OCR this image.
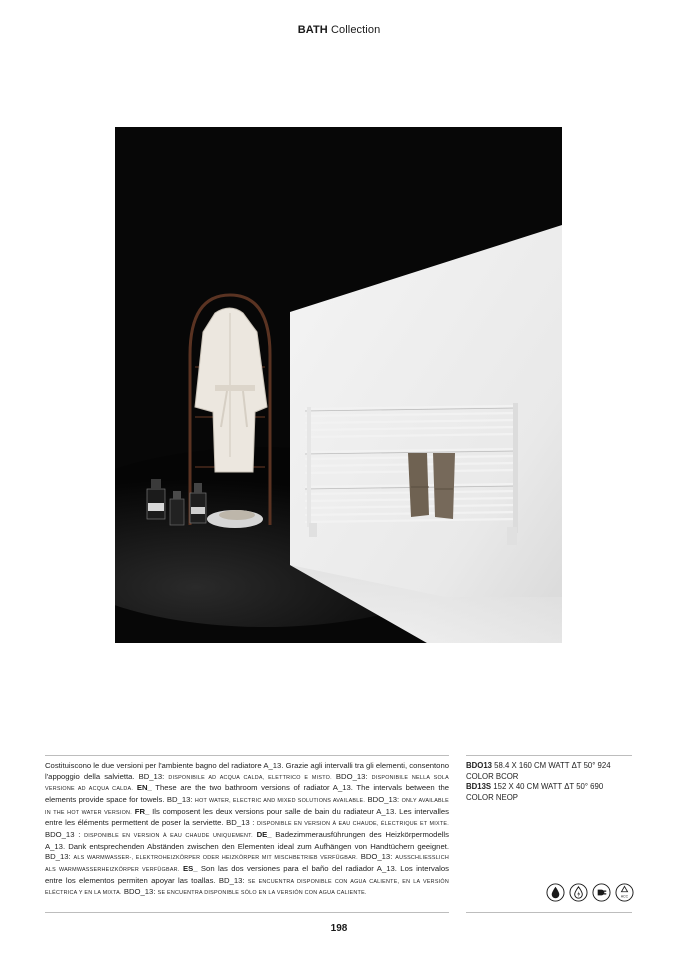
BATH Collection
Costituiscono le due versioni per l'ambiente bagno del radiatore A_13. Grazie agli intervalli tra gli elementi, consentono l'appoggio della salvietta. BD_13: DISPONIBILE AD ACQUA CALDA, ELETTRICO E MISTO. BDO_13: DISPONIBILE NELLA SOLA VERSIONE AD ACQUA CALDA. EN_ These are the two bathroom versions of radiator A_13. The intervals between the elements provide space for towels. BD_13: HOT WATER, ELECTRIC AND MIXED SOLUTIONS AVAILABLE. BDO_13: ONLY AVAILABLE IN THE HOT WATER VERSION. FR_ Ils composent les deux versions pour salle de bain du radiateur A_13. Les intervalles entre les éléments permettent de poser la serviette. BD_13 : DISPONIBLE EN VERSION À EAU CHAUDE, ÉLECTRIQUE ET MIXTE. BDO_13 : DISPONIBLE EN VERSION À EAU CHAUDE UNIQUEMENT. DE_ Badezimmerausführungen des Heizkörpermodells A_13. Dank entsprechenden Abständen zwischen den Elementen ideal zum Aufhängen von Handtüchern geeignet. BD_13: ALS WARMWASSER-, ELEKTROHEIZKÖRPER ODER HEIZKÖRPER MIT MISCHBETRIEB VERFÜGBAR. BDO_13: AUSSCHLIESSLICH ALS WARMWASSERHEIZKÖRPER VERFÜGBAR. ES_ Son las dos versiones para el baño del radiador A_13. Los intervalos entre los elementos permiten apoyar las toallas. BD_13: SE ENCUENTRA DISPONIBLE CON AGUA CALIENTE, EN LA VERSIÓN ELÉCTRICA Y EN LA MIXTA. BDO_13: SE ENCUENTRA DISPONIBLE SÓLO EN LA VERSIÓN CON AGUA CALIENTE.
BDO13 58.4 X 160 CM WATT ΔT 50° 924
COLOR BCOR
BD13S 152 X 40 CM WATT ΔT 50° 690
COLOR NEOP
ACC
198
